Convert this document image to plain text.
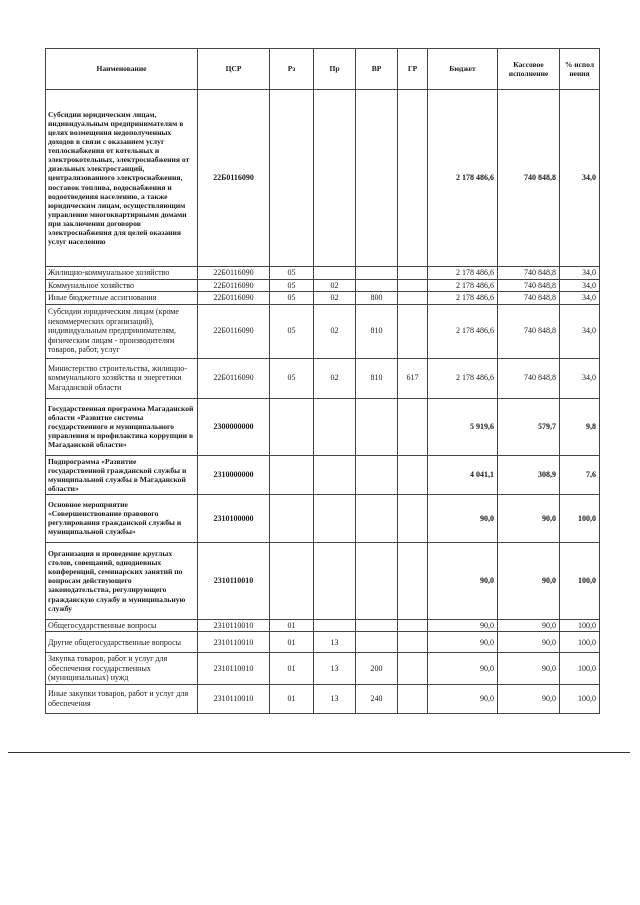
Наименование	ЦСР	Рз	Пр	ВР	ГР	Бюджет	Кассовое исполнение	% испол нения
Субсидии юридическим лицам, индивидуальным предпринимателям в целях возмещения недополученных доходов в связи с оказанием услуг теплоснабжения от котельных и электрокотельных, электроснабжения от дизельных электростанций, централизованного электроснабжения, поставок топлива, водоснабжения и водоотведения населению, а также юридическим лицам, осуществляющим управление многоквартирными домами при заключении договоров электроснабжения для целей оказания услуг населению	22Б0116090					2 178 486,6	740 848,8	34,0
Жилищно-коммунальное хозяйство	22Б0116090	05				2 178 486,6	740 848,8	34,0
Коммунальное хозяйство	22Б0116090	05	02			2 178 486,6	740 848,8	34,0
Иные бюджетные ассигнования	22Б0116090	05	02	800		2 178 486,6	740 848,8	34,0
Субсидии юридическим лицам (кроме некоммерческих организаций), индивидуальным предпринимателям, физическим лицам - производителям товаров, работ, услуг	22Б0116090	05	02	810		2 178 486,6	740 848,8	34,0
Министерство строительства, жилищно-коммунального хозяйства и энергетики Магаданской области	22Б0116090	05	02	810	617	2 178 486,6	740 848,8	34,0
Государственная программа Магаданской области «Развитие системы государственного и муниципального управления и профилактика коррупции в Магаданской области»	2300000000					5 919,6	579,7	9,8
Подпрограмма «Развитие государственной гражданской службы и муниципальной службы в Магаданской области»	2310000000					4 041,1	308,9	7,6
Основное мероприятие «Совершенствование правового регулирования гражданской службы и муниципальной службы»	2310100000					90,0	90,0	100,0
Организация и проведение круглых столов, совещаний, однодневных конференций, семинарских занятий по вопросам действующего законодательства, регулирующего гражданскую службу и муниципальную службу	2310110010					90,0	90,0	100,0
Общегосударственные вопросы	2310110010	01				90,0	90,0	100,0
Другие общегосударственные вопросы	2310110010	01	13			90,0	90,0	100,0
Закупка товаров, работ и услуг для обеспечения государственных (муниципальных) нужд	2310110010	01	13	200		90,0	90,0	100,0
Иные закупки товаров, работ и услуг для обеспечения	2310110010	01	13	240		90,0	90,0	100,0
